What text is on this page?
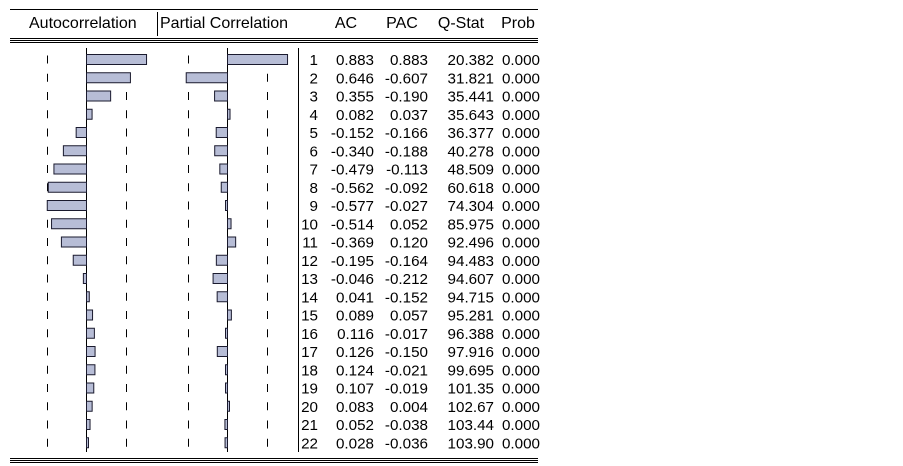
Autocorrelation Partial Correlation	AC PAC Q-Stat Prob
1 0.883 0.883 20.382 0.000
2 0.646 -0.607 31.821 0.000
3 0.355 -0.190 35.441 0.000
4 0.082 0.037 35.643 0.000
5 -0.152 -0.166 36.377 0.000
6 -0.340 -0.188 40.278 0.000
7 -0.479 -0.113 48.509 0.000
8 -0.562 -0.092 60.618 0.000
9 -0.577 -0.027 74.304 0.000
10 -0.514 0.052 85.975 0.000
11 -0.369 0.120 92.496 0.000
12 -0.195 -0.164 94.483 0.000
13 -0.046 -0.212 94.607 0.000
14 0.041 -0.152 94.715 0.000
15 0.089 0.057 95.281 0.000
16 0.116 -0.017 96.388 0.000
17 0.126 -0.150 97.916 0.000
18 0.124 -0.021 99.695 0.000
19 0.107 -0.019 101.35 0.000
20 0.083 0.004 102.67 0.000
21 0.052 -0.038 103.44 0.000
22 0.028 -0.036 103.90 0.000
